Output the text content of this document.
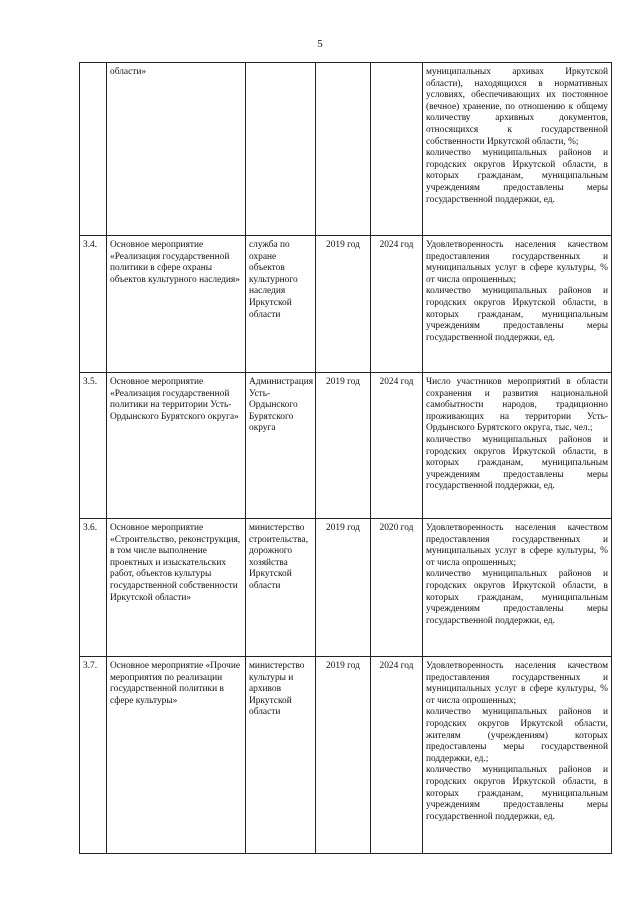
5
	области»				муниципальных архивах Иркутской области), находящихся в нормативных условиях, обеспечивающих их постоянное (вечное) хранение, по отношению к общему количеству архивных документов, относящихся к государственной собственности Иркутской области, %;
количество муниципальных районов и городских округов Иркутской области, в которых гражданам, муниципальным учреждениям предоставлены меры государственной поддержки, ед.

3.4.	Основное мероприятие «Реализация государственной политики в сфере охраны объектов культурного наследия»	служба по охране объектов культурного наследия Иркутской области	2019 год	2024 год	Удовлетворенность населения качеством предоставления государственных и муниципальных услуг в сфере культуры, % от числа опрошенных;
количество муниципальных районов и городских округов Иркутской области, в которых гражданам, муниципальным учреждениям предоставлены меры государственной поддержки, ед.

3.5.	Основное мероприятие «Реализация государственной политики на территории Усть-Ордынского Бурятского округа»	Администрация Усть-Ордынского Бурятского округа	2019 год	2024 год	Число участников мероприятий в области сохранения и развития национальной самобытности народов, традиционно проживающих на территории Усть-Ордынского Бурятского округа, тыс. чел.;
количество муниципальных районов и городских округов Иркутской области, в которых гражданам, муниципальным учреждениям предоставлены меры государственной поддержки, ед.

3.6.	Основное мероприятие «Строительство, реконструкция, в том числе выполнение проектных и изыскательских работ, объектов культуры государственной собственности Иркутской области»	министерство строительства, дорожного хозяйства Иркутской области	2019 год	2020 год	Удовлетворенность населения качеством предоставления государственных и муниципальных услуг в сфере культуры, % от числа опрошенных;
количество муниципальных районов и городских округов Иркутской области, в которых гражданам, муниципальным учреждениям предоставлены меры государственной поддержки, ед.

3.7.	Основное мероприятие «Прочие мероприятия по реализации государственной политики в сфере культуры»	министерство культуры и архивов Иркутской области	2019 год	2024 год	Удовлетворенность населения качеством предоставления государственных и муниципальных услуг в сфере культуры, % от числа опрошенных;
количество муниципальных районов и городских округов Иркутской области, жителям (учреждениям) которых предоставлены меры государственной поддержки, ед.;
количество муниципальных районов и городских округов Иркутской области, в которых гражданам, муниципальным учреждениям предоставлены меры государственной поддержки, ед.
